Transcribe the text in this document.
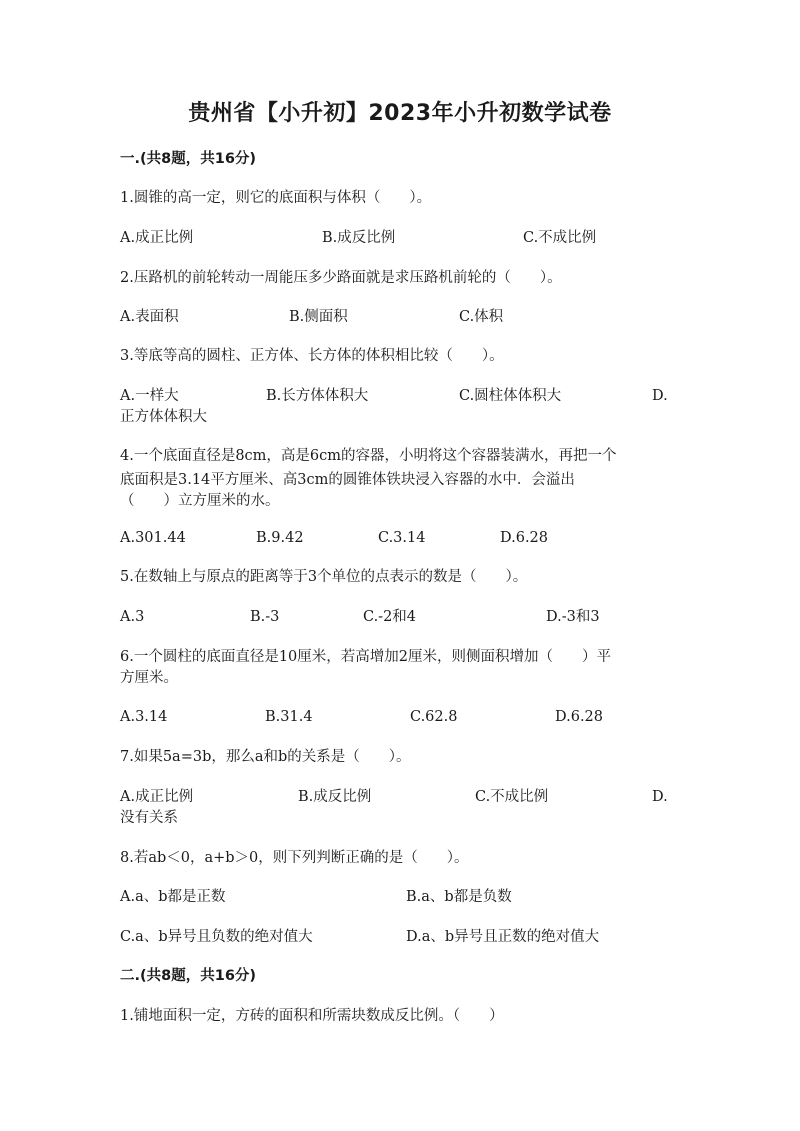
贵州省【小升初】2023年小升初数学试卷
一.(共8题，共16分)
1.圆锥的高一定，则它的底面积与体积（　　）。
A.成正比例	B.成反比例	C.不成比例
2.压路机的前轮转动一周能压多少路面就是求压路机前轮的（　　）。
A.表面积	B.侧面积	C.体积
3.等底等高的圆柱、正方体、长方体的体积相比较（　　）。
A.一样大	B.长方体体积大	C.圆柱体体积大	D.
正方体体积大
4.一个底面直径是8cm，高是6cm的容器，小明将这个容器装满水，再把一个
底面积是3.14平方厘米、高3cm的圆锥体铁块浸入容器的水中．会溢出
（　　）立方厘米的水。
A.301.44	B.9.42	C.3.14	D.6.28
5.在数轴上与原点的距离等于3个单位的点表示的数是（　　）。
A.3	B.-3	C.-2和4	D.-3和3
6.一个圆柱的底面直径是10厘米，若高增加2厘米，则侧面积增加（　　）平
方厘米。
A.3.14	B.31.4	C.62.8	D.6.28
7.如果5a=3b，那么a和b的关系是（　　）。
A.成正比例	B.成反比例	C.不成比例	D.
没有关系
8.若ab＜0，a+b＞0，则下列判断正确的是（　　）。
A.a、b都是正数	B.a、b都是负数
C.a、b异号且负数的绝对值大	D.a、b异号且正数的绝对值大
二.(共8题，共16分)
1.铺地面积一定，方砖的面积和所需块数成反比例。（　　）
